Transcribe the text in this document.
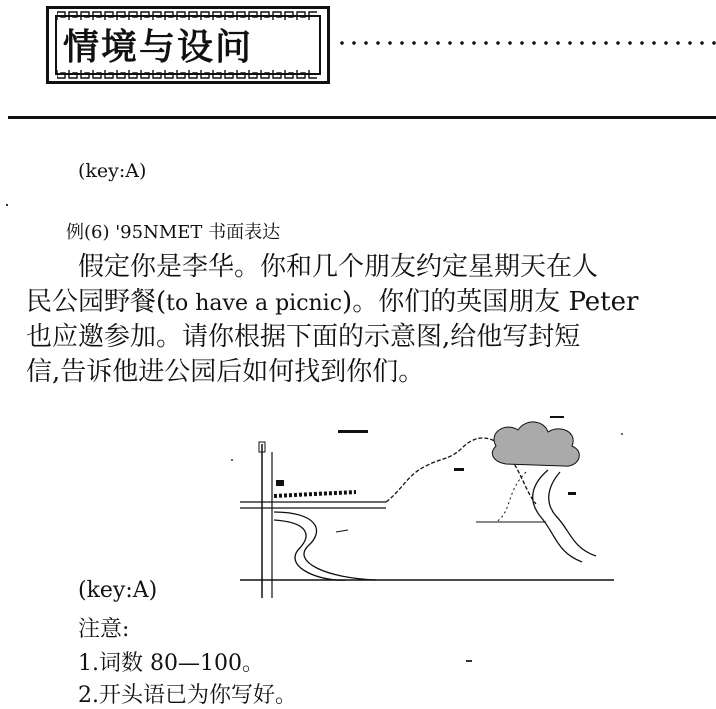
情境与设问
(key:A)
例(6) '95NMET 书面表达
假定你是李华。你和几个朋友约定星期天在人
民公园野餐(to have a picnic)。你们的英国朋友 Peter
也应邀参加。请你根据下面的示意图,给他写封短
信,告诉他进公园后如何找到你们。
(key:A)
注意:
1.词数 80—100。
2.开头语已为你写好。
